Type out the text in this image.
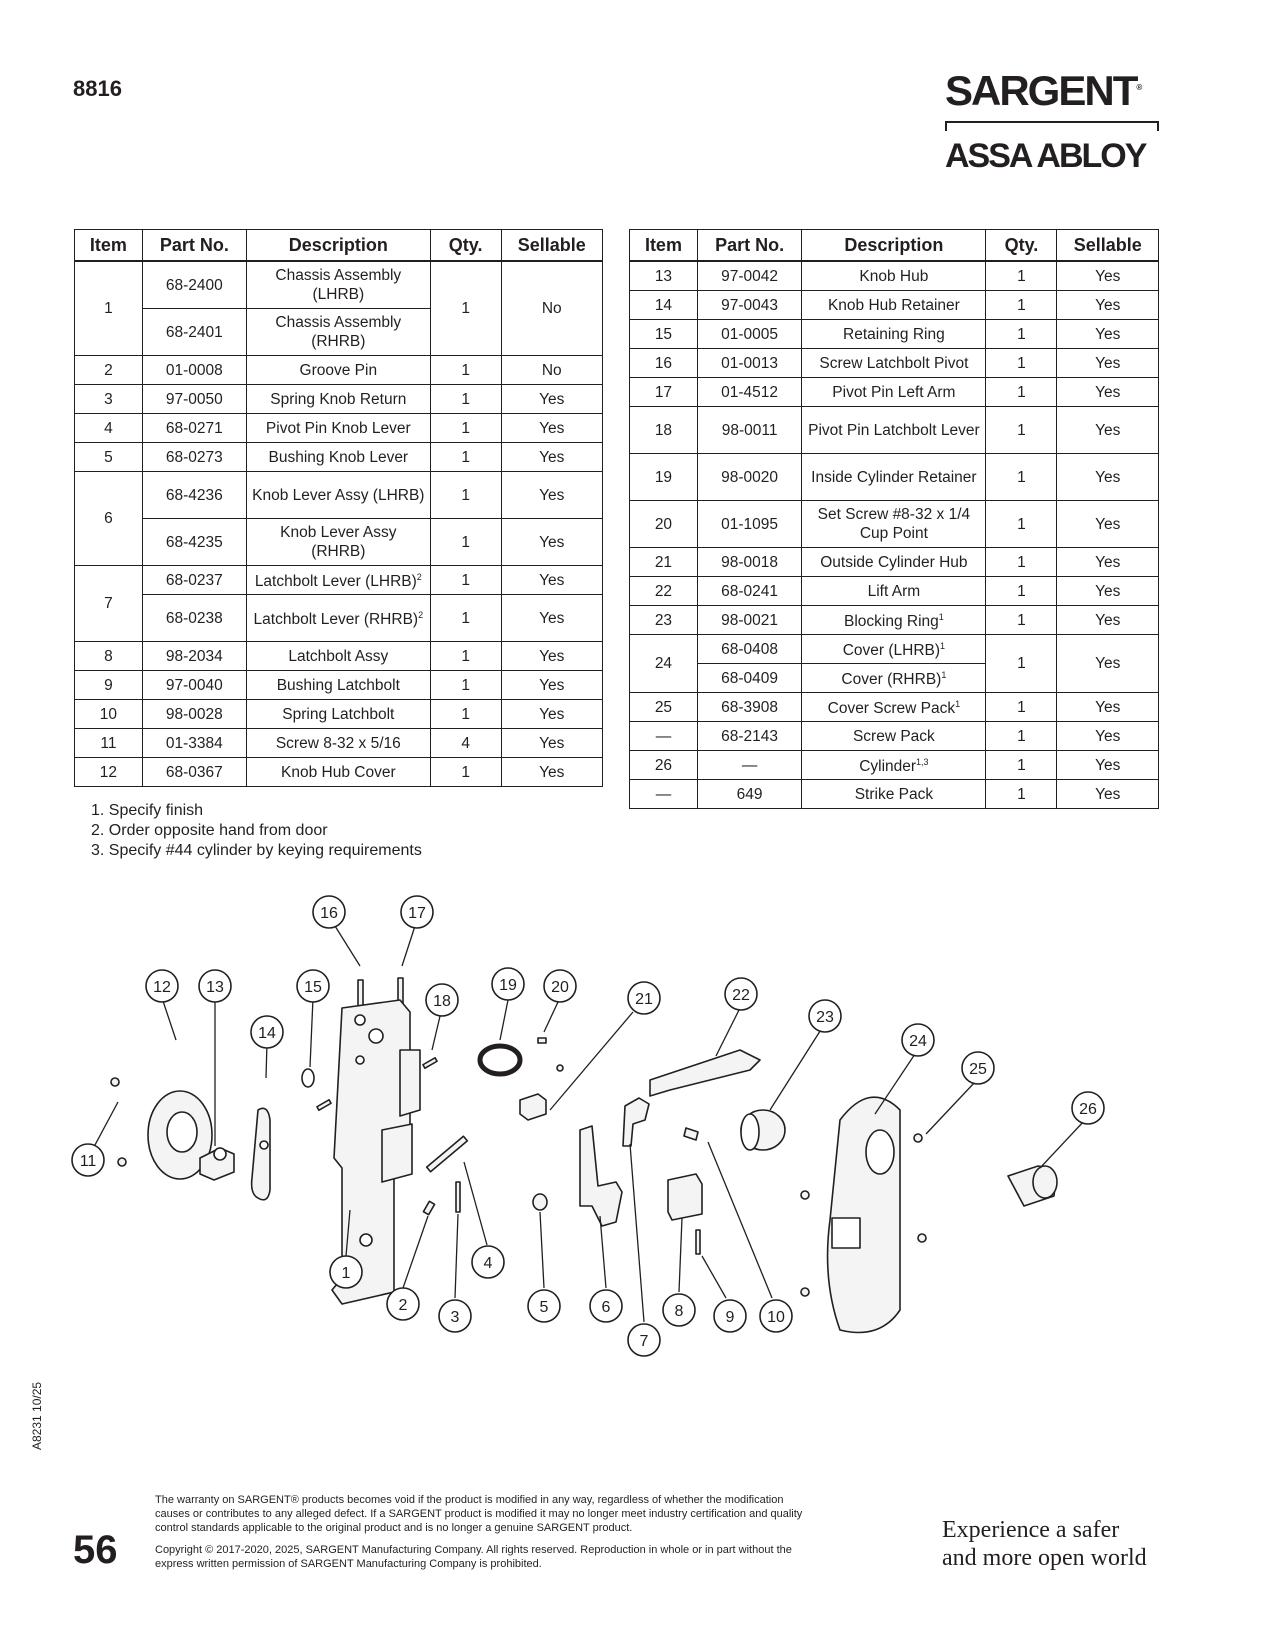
8816	SARGENT®
ASSA ABLOY
Item	Part No.	Description	Qty.	Sellable
1	68-2400	Chassis Assembly (LHRB)	1	No
	68-2401	Chassis Assembly (RHRB)		
2	01-0008	Groove Pin	1	No
3	97-0050	Spring Knob Return	1	Yes
4	68-0271	Pivot Pin Knob Lever	1	Yes
5	68-0273	Bushing Knob Lever	1	Yes
6	68-4236	Knob Lever Assy (LHRB)	1	Yes
	68-4235	Knob Lever Assy (RHRB)	1	Yes
7	68-0237	Latchbolt Lever (LHRB)$^2$	1	Yes
	68-0238	Latchbolt Lever (RHRB)$^2$	1	Yes
8	98-2034	Latchbolt Assy	1	Yes
9	97-0040	Bushing Latchbolt	1	Yes
10	98-0028	Spring Latchbolt	1	Yes
11	01-3384	Screw 8-32 x 5/16	4	Yes
12	68-0367	Knob Hub Cover	1	Yes
Item	Part No.	Description	Qty.	Sellable
13	97-0042	Knob Hub	1	Yes
14	97-0043	Knob Hub Retainer	1	Yes
15	01-0005	Retaining Ring	1	Yes
16	01-0013	Screw Latchbolt Pivot	1	Yes
17	01-4512	Pivot Pin Left Arm	1	Yes
18	98-0011	Pivot Pin Latchbolt Lever	1	Yes
19	98-0020	Inside Cylinder Retainer	1	Yes
20	01-1095	Set Screw #8-32 x 1/4 Cup Point	1	Yes
21	98-0018	Outside Cylinder Hub	1	Yes
22	68-0241	Lift Arm	1	Yes
23	98-0021	Blocking Ring$^1$	1	Yes
24	68-0408	Cover (LHRB)$^1$	1	Yes
	68-0409	Cover (RHRB)$^1$
25	68-3908	Cover Screw Pack$^1$	1	Yes
—	68-2143	Screw Pack	1	Yes
26	—	Cylinder$^{1,3}$	1	Yes
—	649	Strike Pack	1	Yes
1. Specify finish
2. Order opposite hand from door
3. Specify #44 cylinder by keying requirements
1
2
3
4
5	6
7
8	9 10
11
12 13
14
15
16	17
18
19 20
21	22
23
24
25
26
A8231 10/25
56
The warranty on SARGENT® products becomes void if the product is modified in any way, regardless of whether the modification causes or contributes to any alleged defect. If a SARGENT product is modified it may no longer meet industry certification and quality control standards applicable to the original product and is no longer a genuine SARGENT product.
Copyright © 2017-2020, 2025, SARGENT Manufacturing Company. All rights reserved. Reproduction in whole or in part without the express written permission of SARGENT Manufacturing Company is prohibited.
Experience a safer
and more open world
